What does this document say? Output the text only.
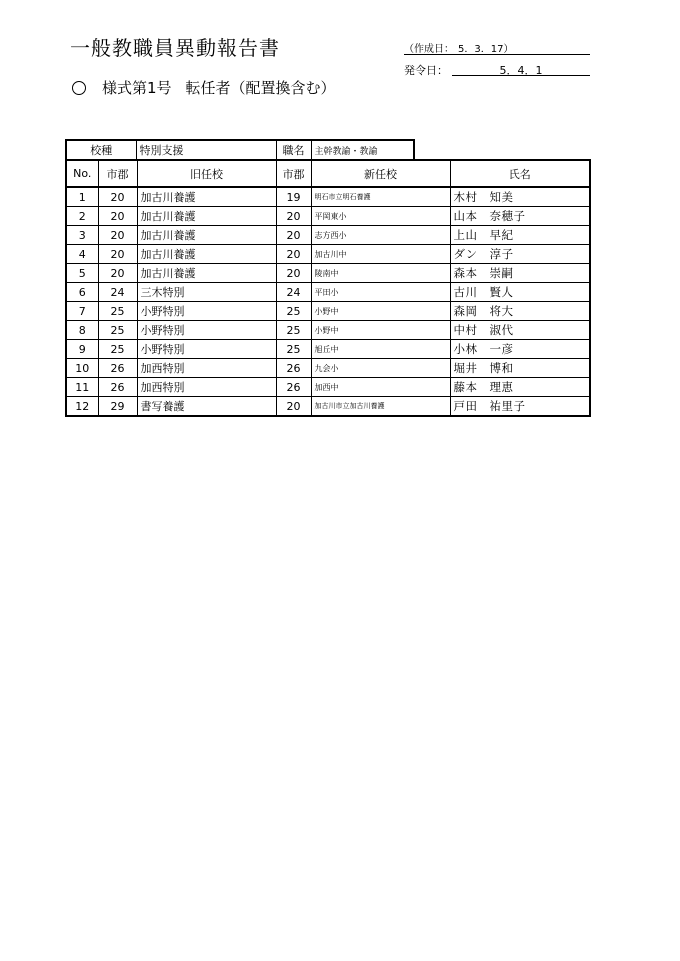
一般教職員異動報告書	（作成日： 5．3．17）
発令日：	5．4．1
様式第1号 転任者（配置換含む）
校種	特別支援	職名	主幹教諭・教諭
No.	市郡	旧任校	市郡	新任校	氏名
1	20	加古川養護	19	明石市立明石養護	木村　知美
2	20	加古川養護	20	平岡東小	山本　奈穂子
3	20	加古川養護	20	志方西小	上山　早紀
4	20	加古川養護	20	加古川中	ダン　淳子
5	20	加古川養護	20	陵南中	森本　崇嗣
6	24	三木特別	24	平田小	古川　賢人
7	25	小野特別	25	小野中	森岡　将大
8	25	小野特別	25	小野中	中村　淑代
9	25	小野特別	25	旭丘中	小林　一彦
10	26	加西特別	26	九会小	堀井　博和
11	26	加西特別	26	加西中	藤本　理恵
12	29	書写養護	20	加古川市立加古川養護	戸田　祐里子
